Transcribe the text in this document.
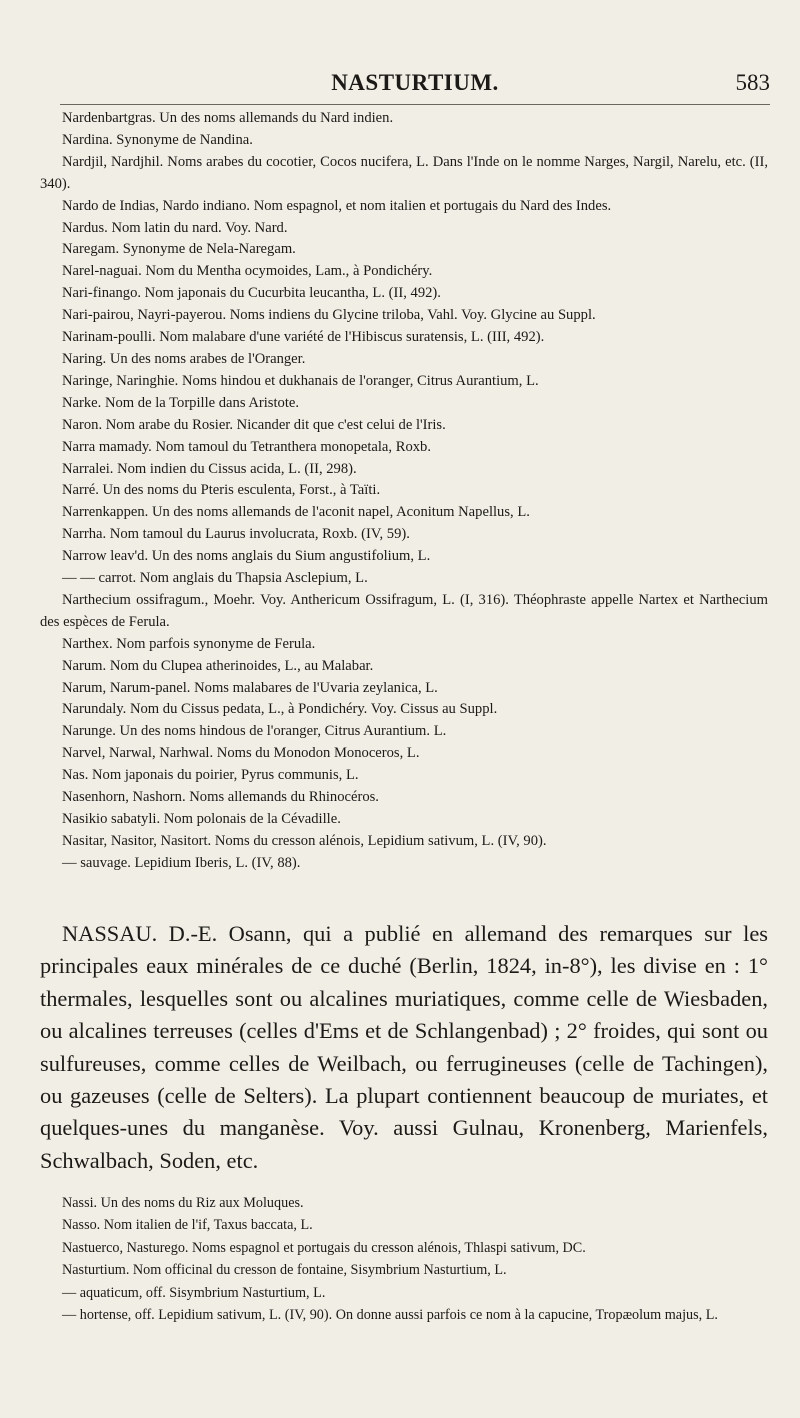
NASTURTIUM.	583

Nardenbartgras. Un des noms allemands du Nard indien.

Nardina. Synonyme de Nandina.

Nardjil, Nardjhil. Noms arabes du cocotier, Cocos nucifera, L. Dans l'Inde on le nomme Narges, Nargil, Narelu, etc. (II, 340).

Nardo de Indias, Nardo indiano. Nom espagnol, et nom italien et portugais du Nard des Indes.

Nardus. Nom latin du nard. Voy. Nard.

Naregam. Synonyme de Nela-Naregam.

Narel-naguai. Nom du Mentha ocymoides, Lam., à Pondichéry.

Nari-finango. Nom japonais du Cucurbita leucantha, L. (II, 492).

Nari-pairou, Nayri-payerou. Noms indiens du Glycine triloba, Vahl. Voy. Glycine au Suppl.

Narinam-poulli. Nom malabare d'une variété de l'Hibiscus suratensis, L. (III, 492).

Naring. Un des noms arabes de l'Oranger.

Naringe, Naringhie. Noms hindou et dukhanais de l'oranger, Citrus Aurantium, L.

Narke. Nom de la Torpille dans Aristote.

Naron. Nom arabe du Rosier. Nicander dit que c'est celui de l'Iris.

Narra mamady. Nom tamoul du Tetranthera monopetala, Roxb.

Narralei. Nom indien du Cissus acida, L. (II, 298).

Narré. Un des noms du Pteris esculenta, Forst., à Taïti.

Narrenkappen. Un des noms allemands de l'aconit napel, Aconitum Napellus, L.

Narrha. Nom tamoul du Laurus involucrata, Roxb. (IV, 59).

Narrow leav'd. Un des noms anglais du Sium angustifolium, L.

— — carrot. Nom anglais du Thapsia Asclepium, L.

Narthecium ossifragum., Moehr. Voy. Anthericum Ossifragum, L. (I, 316). Théophraste appelle Nartex et Narthecium des espèces de Ferula.

Narthex. Nom parfois synonyme de Ferula.

Narum. Nom du Clupea atherinoides, L., au Malabar.

Narum, Narum-panel. Noms malabares de l'Uvaria zeylanica, L.

Narundaly. Nom du Cissus pedata, L., à Pondichéry. Voy. Cissus au Suppl.

Narunge. Un des noms hindous de l'oranger, Citrus Aurantium. L.

Narvel, Narwal, Narhwal. Noms du Monodon Monoceros, L.

Nas. Nom japonais du poirier, Pyrus communis, L.

Nasenhorn, Nashorn. Noms allemands du Rhinocéros.

Nasikio sabatyli. Nom polonais de la Cévadille.

Nasitar, Nasitor, Nasitort. Noms du cresson alénois, Lepidium sativum, L. (IV, 90).

— sauvage. Lepidium Iberis, L. (IV, 88).

NASSAU. D.-E. Osann, qui a publié en allemand des remarques sur les principales eaux minérales de ce duché (Berlin, 1824, in-8°), les divise en : 1° thermales, lesquelles sont ou alcalines muriatiques, comme celle de Wiesbaden, ou alcalines terreuses (celles d'Ems et de Schlangenbad) ; 2° froides, qui sont ou sulfureuses, comme celles de Weilbach, ou ferrugineuses (celle de Tachingen), ou gazeuses (celle de Selters). La plupart contiennent beaucoup de muriates, et quelques-unes du manganèse. Voy. aussi Gulnau, Kronenberg, Marienfels, Schwalbach, Soden, etc.

Nassi. Un des noms du Riz aux Moluques.

Nasso. Nom italien de l'if, Taxus baccata, L.

Nastuerco, Nasturego. Noms espagnol et portugais du cresson alénois, Thlaspi sativum, DC.

Nasturtium. Nom officinal du cresson de fontaine, Sisymbrium Nasturtium, L.

— aquaticum, off. Sisymbrium Nasturtium, L.

— hortense, off. Lepidium sativum, L. (IV, 90). On donne aussi parfois ce nom à la capucine, Tropæolum majus, L.
